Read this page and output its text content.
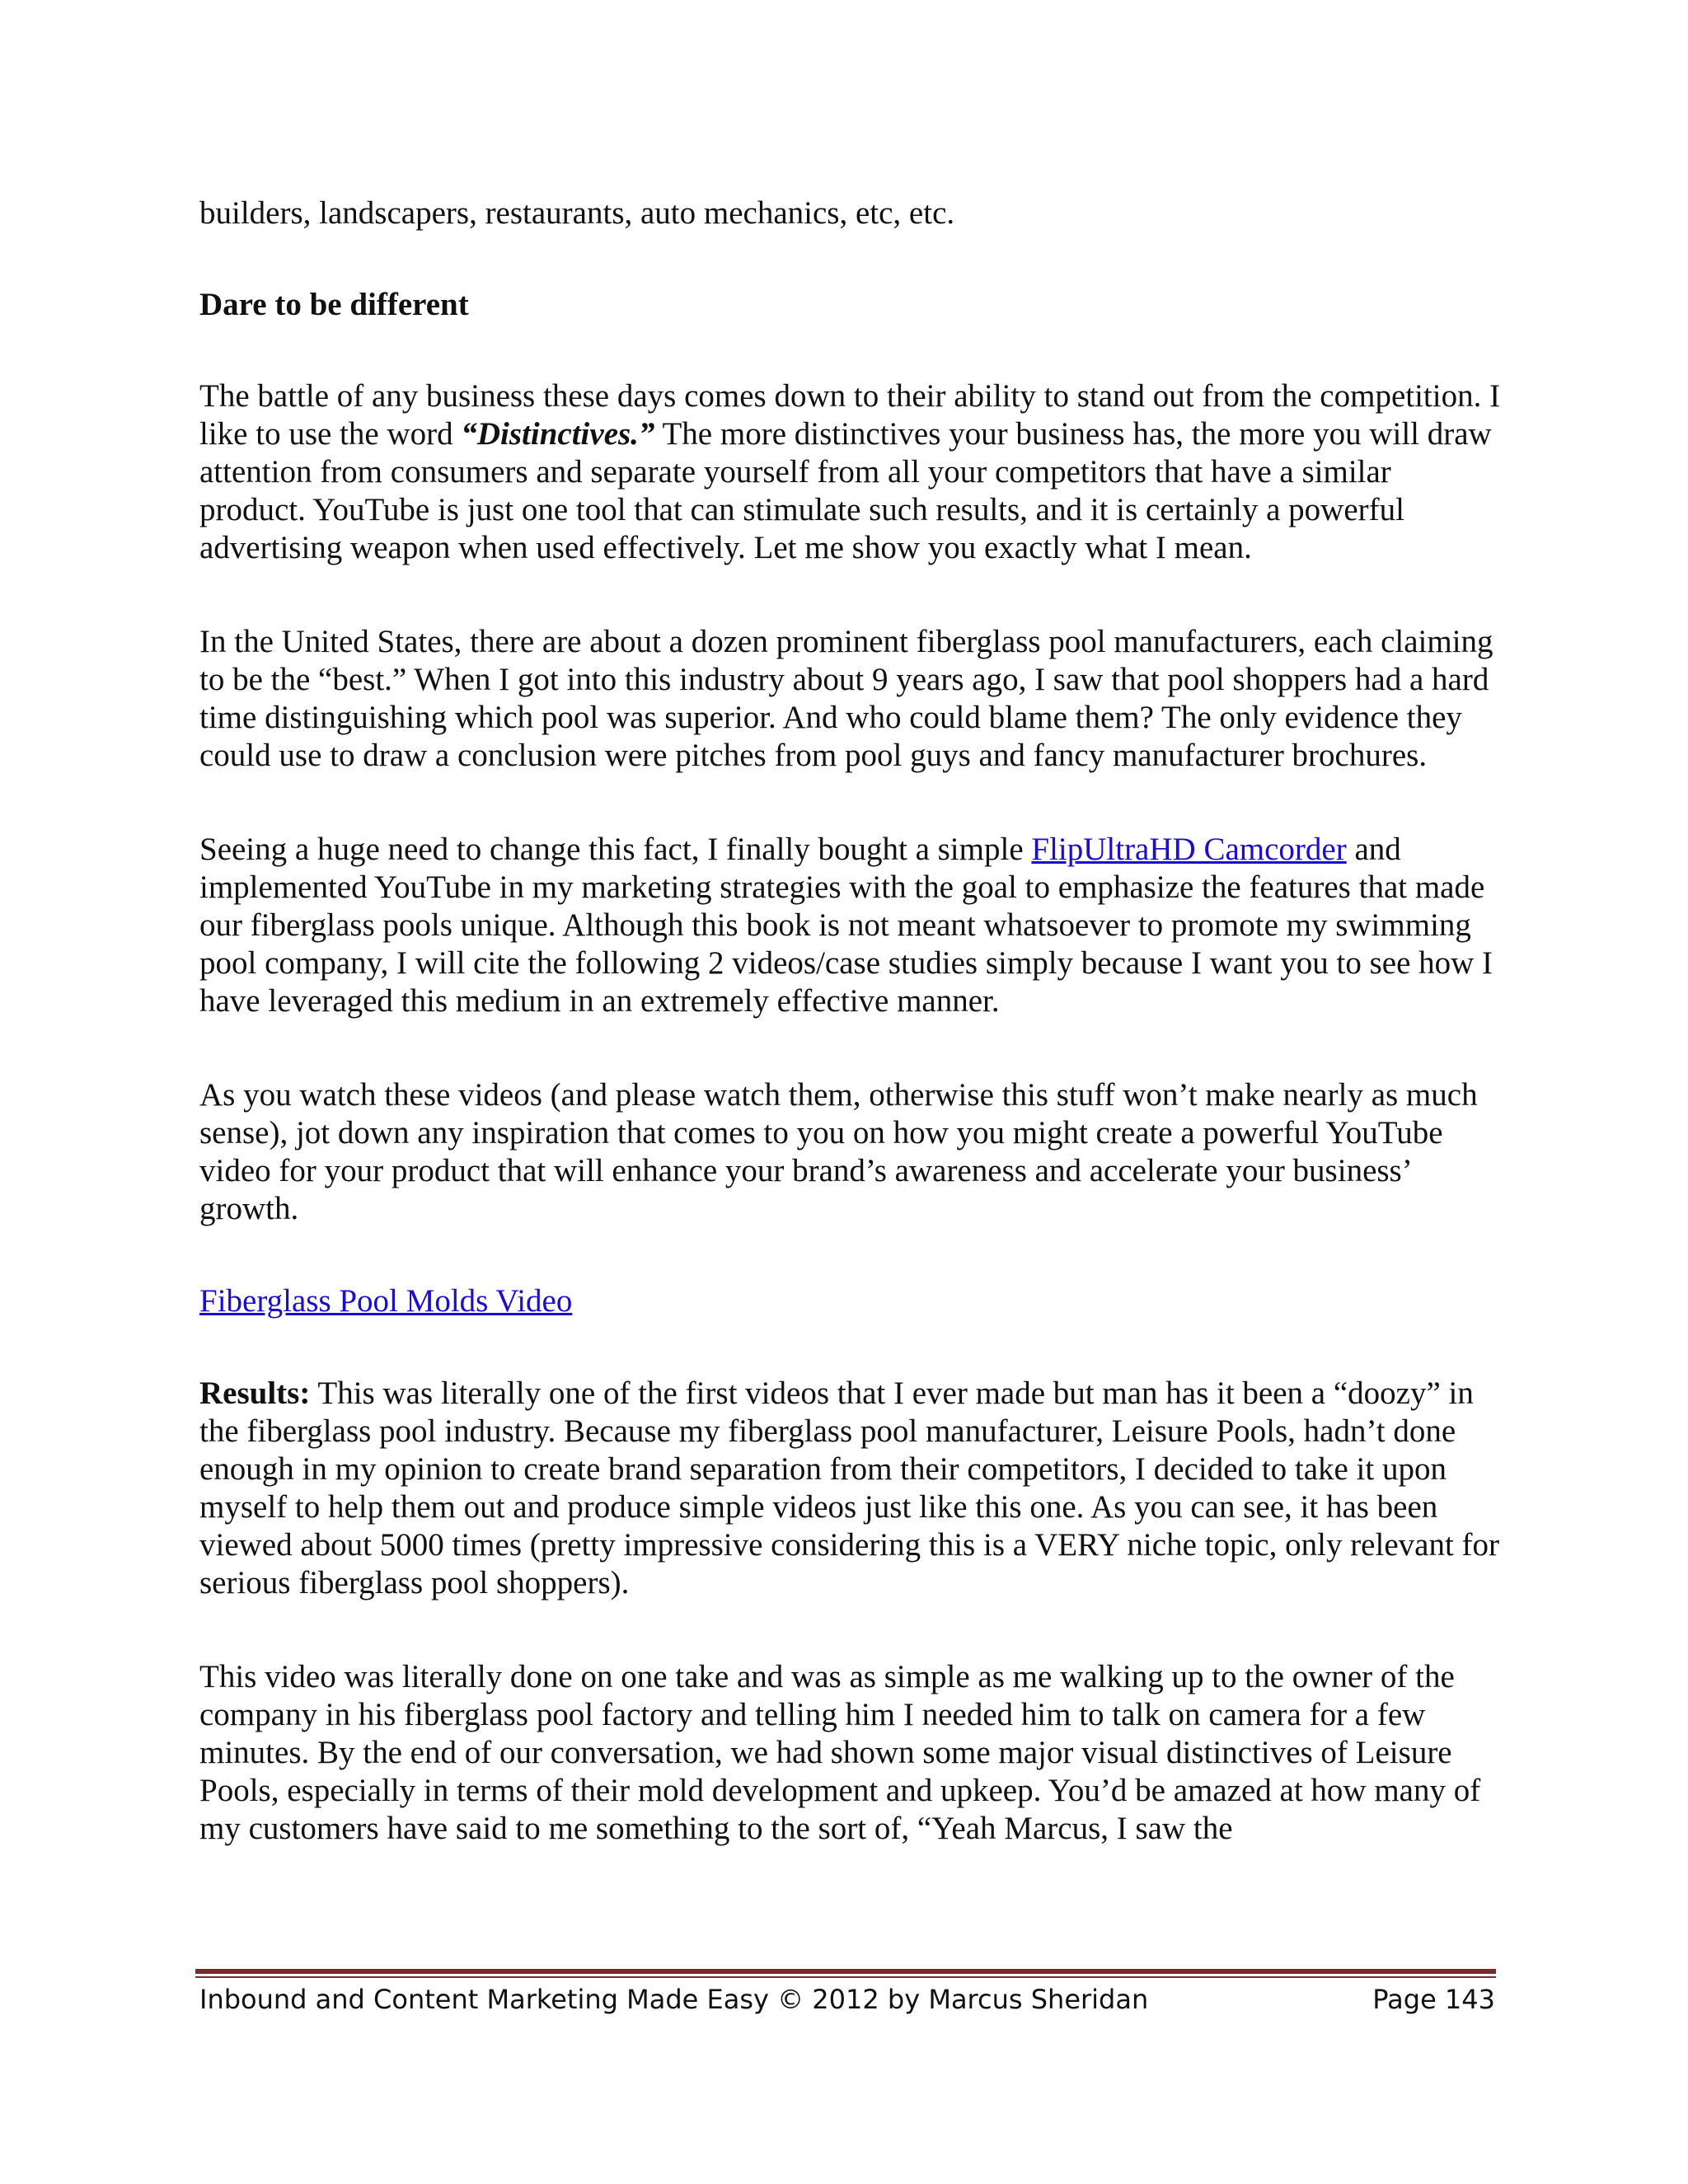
builders, landscapers, restaurants, auto mechanics, etc, etc.

Dare to be different

The battle of any business these days comes down to their ability to stand out from the competition. I like to use the word “Distinctives.” The more distinctives your business has, the more you will draw attention from consumers and separate yourself from all your competitors that have a similar product. YouTube is just one tool that can stimulate such results, and it is certainly a powerful advertising weapon when used effectively. Let me show you exactly what I mean.

In the United States, there are about a dozen prominent fiberglass pool manufacturers, each claiming to be the “best.” When I got into this industry about 9 years ago, I saw that pool shoppers had a hard time distinguishing which pool was superior. And who could blame them? The only evidence they could use to draw a conclusion were pitches from pool guys and fancy manufacturer brochures.

Seeing a huge need to change this fact, I finally bought a simple FlipUltraHD Camcorder and implemented YouTube in my marketing strategies with the goal to emphasize the features that made our fiberglass pools unique. Although this book is not meant whatsoever to promote my swimming pool company, I will cite the following 2 videos/case studies simply because I want you to see how I have leveraged this medium in an extremely effective manner.

As you watch these videos (and please watch them, otherwise this stuff won’t make nearly as much sense), jot down any inspiration that comes to you on how you might create a powerful YouTube video for your product that will enhance your brand’s awareness and accelerate your business’ growth.

Fiberglass Pool Molds Video

Results: This was literally one of the first videos that I ever made but man has it been a “doozy” in the fiberglass pool industry. Because my fiberglass pool manufacturer, Leisure Pools, hadn’t done enough in my opinion to create brand separation from their competitors, I decided to take it upon myself to help them out and produce simple videos just like this one. As you can see, it has been viewed about 5000 times (pretty impressive considering this is a VERY niche topic, only relevant for serious fiberglass pool shoppers).

This video was literally done on one take and was as simple as me walking up to the owner of the company in his fiberglass pool factory and telling him I needed him to talk on camera for a few minutes. By the end of our conversation, we had shown some major visual distinctives of Leisure Pools, especially in terms of their mold development and upkeep. You’d be amazed at how many of my customers have said to me something to the sort of, “Yeah Marcus, I saw the

Inbound and Content Marketing Made Easy © 2012 by Marcus Sheridan	Page 143
